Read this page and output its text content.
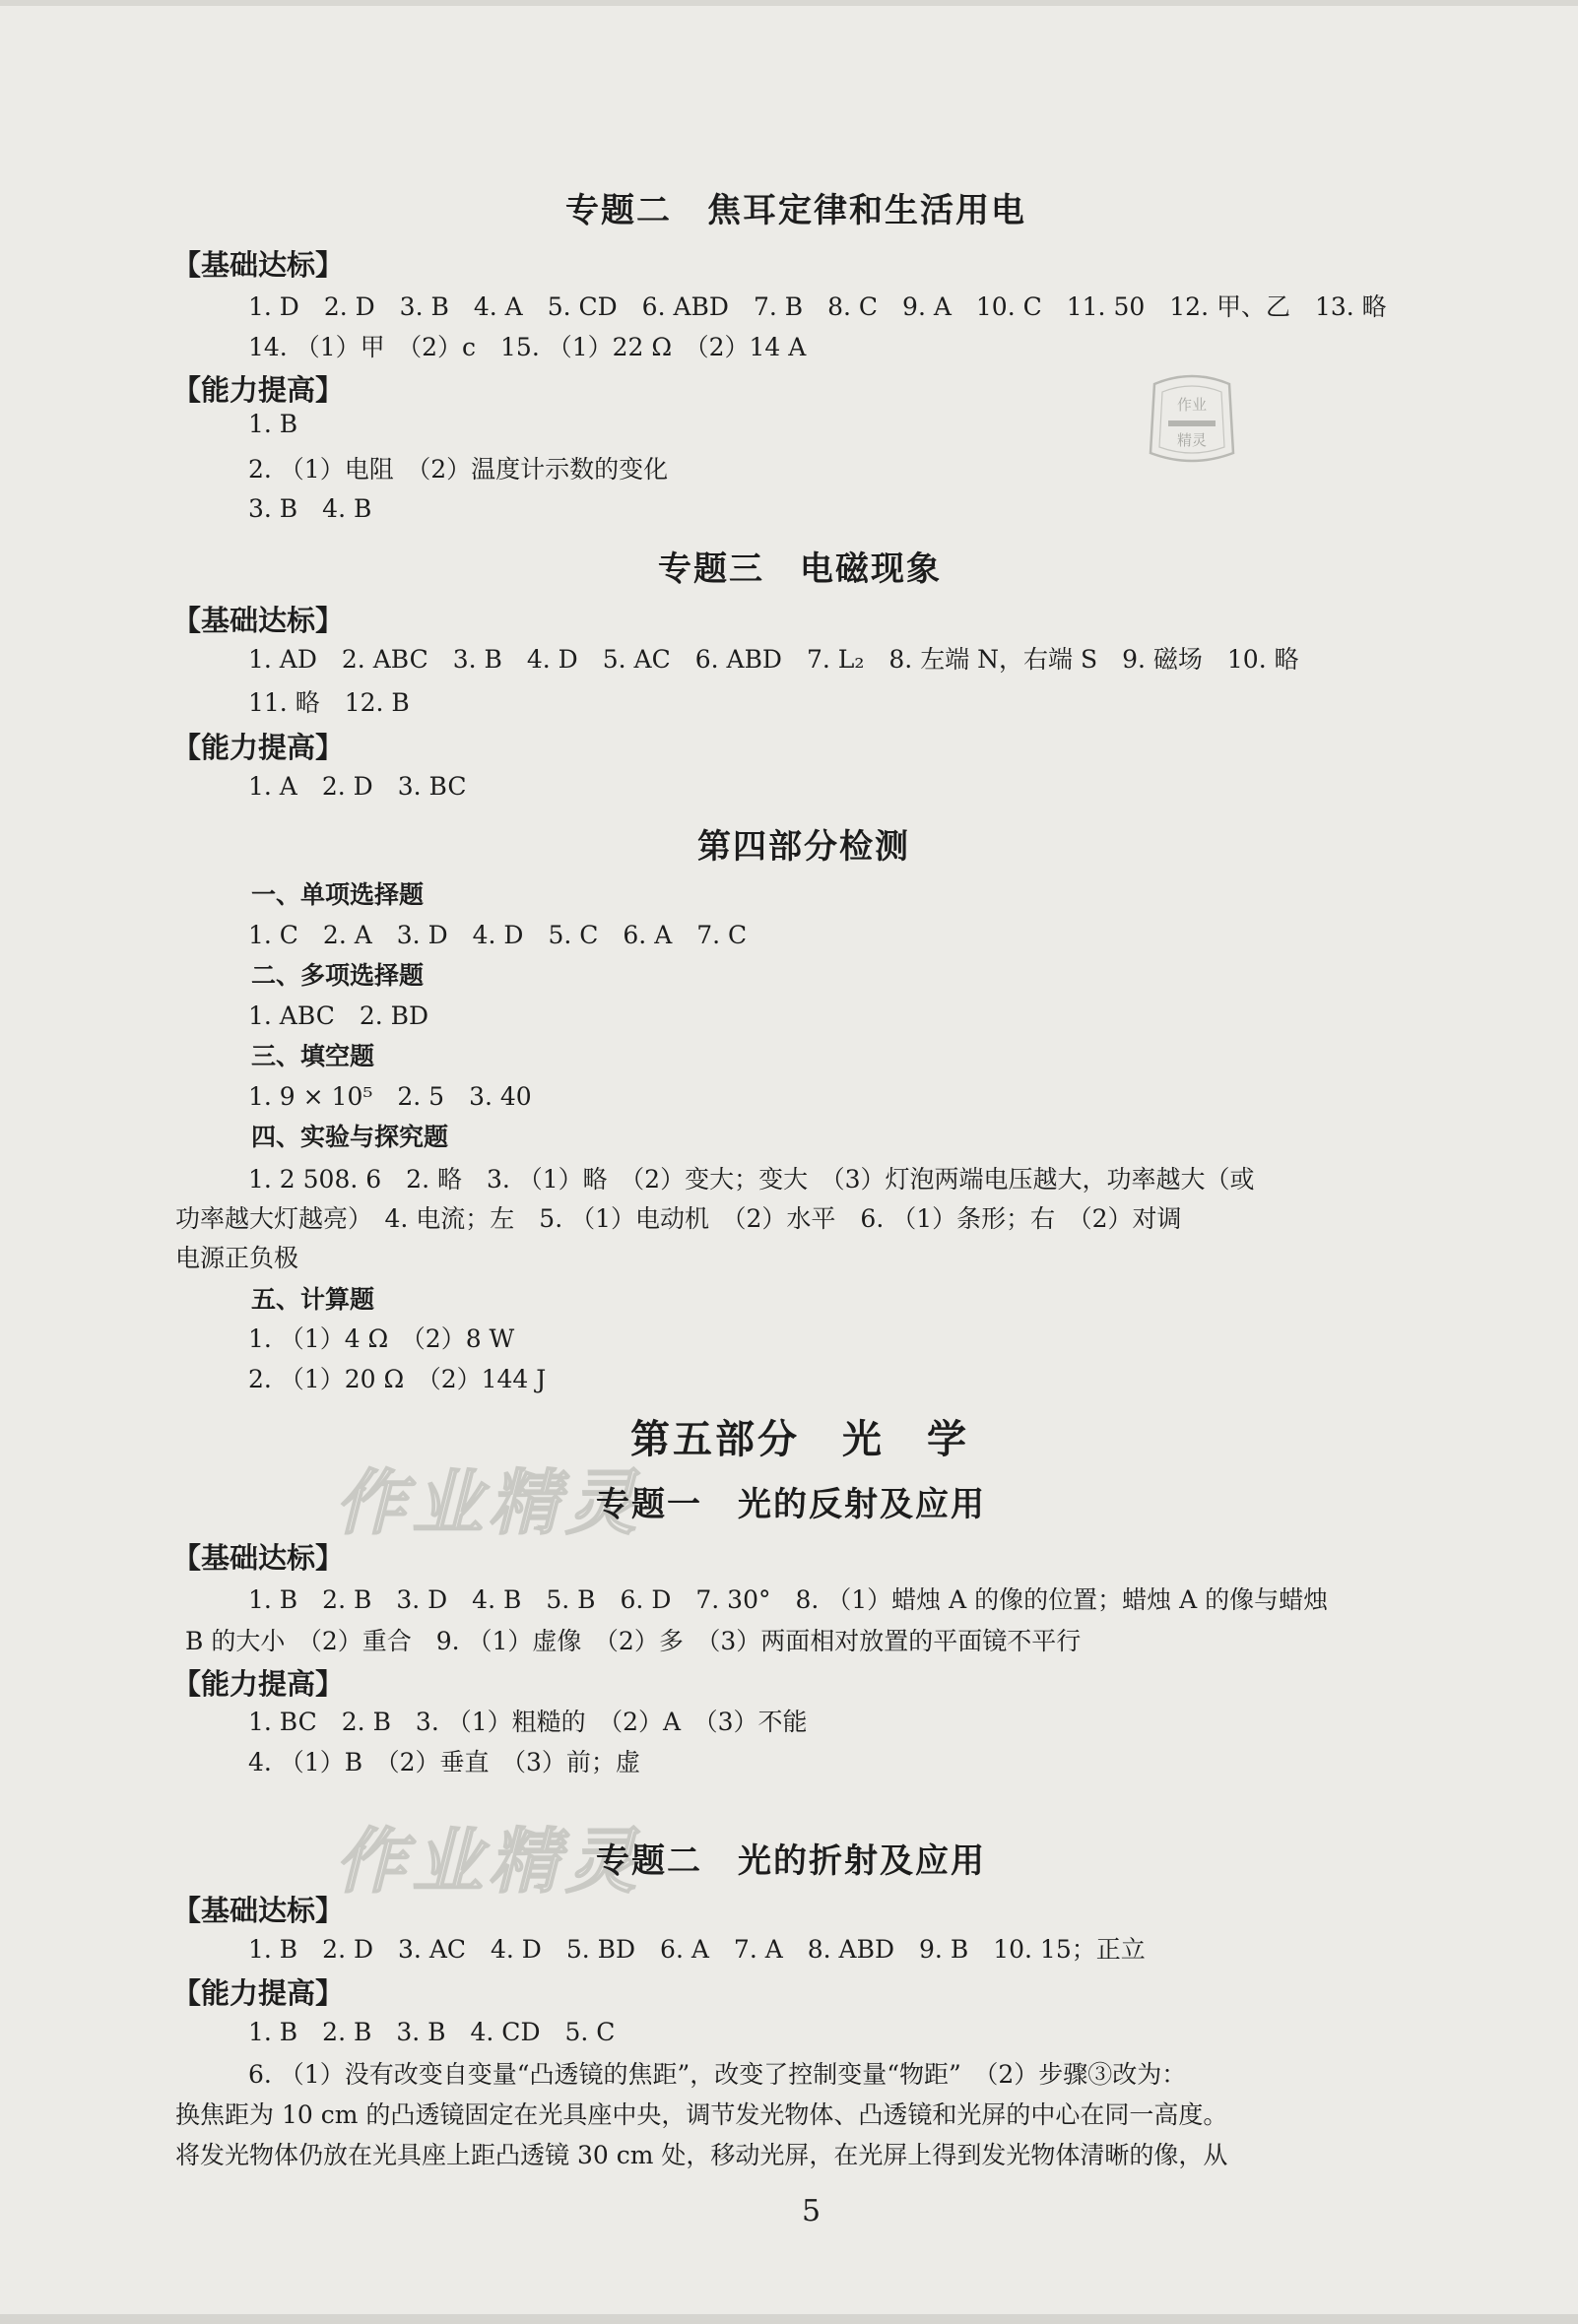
专题二　焦耳定律和生活用电
【基础达标】
1. D　2. D　3. B　4. A　5. CD　6. ABD　7. B　8. C　9. A　10. C　11. 50　12. 甲、乙　13. 略
14. （1）甲　（2）c　15. （1）22 Ω　（2）14 A
【能力提高】
1. B
2. （1）电阻　（2）温度计示数的变化
3. B　4. B
作业
精灵
专题三　电磁现象
【基础达标】
1. AD　2. ABC　3. B　4. D　5. AC　6. ABD　7. L₂　8. 左端 N，右端 S　9. 磁场　10. 略
11. 略　12. B
【能力提高】
1. A　2. D　3. BC
第四部分检测
一、单项选择题
1. C　2. A　3. D　4. D　5. C　6. A　7. C
二、多项选择题
1. ABC　2. BD
三、填空题
1. 9 × 10⁵　2. 5　3. 40
四、实验与探究题
1. 2 508. 6　2. 略　3. （1）略　（2）变大；变大　（3）灯泡两端电压越大，功率越大（或
功率越大灯越亮）　4. 电流；左　5. （1）电动机　（2）水平　6. （1）条形；右　（2）对调
电源正负极
五、计算题
1. （1）4 Ω　（2）8 W
2. （1）20 Ω　（2）144 J
第五部分　光　学
作业精灵
专题一　光的反射及应用
【基础达标】
1. B　2. B　3. D　4. B　5. B　6. D　7. 30°　8. （1）蜡烛 A 的像的位置；蜡烛 A 的像与蜡烛
B 的大小　（2）重合　9. （1）虚像　（2）多　（3）两面相对放置的平面镜不平行
【能力提高】
1. BC　2. B　3. （1）粗糙的　（2）A　（3）不能
4. （1）B　（2）垂直　（3）前；虚
作业精灵
专题二　光的折射及应用
【基础达标】
1. B　2. D　3. AC　4. D　5. BD　6. A　7. A　8. ABD　9. B　10. 15；正立
【能力提高】
1. B　2. B　3. B　4. CD　5. C
6. （1）没有改变自变量“凸透镜的焦距”，改变了控制变量“物距”　（2）步骤③改为：
换焦距为 10 cm 的凸透镜固定在光具座中央，调节发光物体、凸透镜和光屏的中心在同一高度。
将发光物体仍放在光具座上距凸透镜 30 cm 处，移动光屏，在光屏上得到发光物体清晰的像，从
5
